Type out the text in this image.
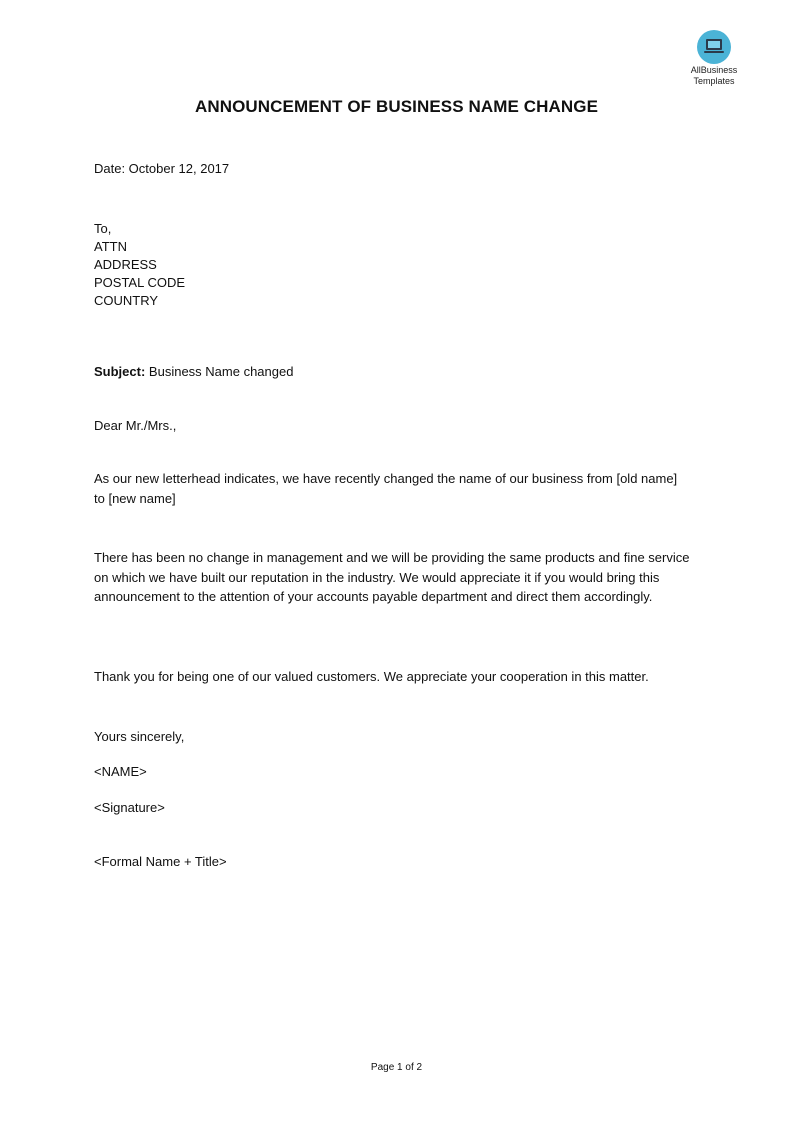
AllBusiness
Templates
ANNOUNCEMENT OF BUSINESS NAME CHANGE
Date: October 12, 2017
To,
ATTN
ADDRESS
POSTAL CODE
COUNTRY
Subject: Business Name changed
Dear Mr./Mrs.,
As our new letterhead indicates, we have recently changed the name of our business from [old name] to [new name]
There has been no change in management and we will be providing the same products and fine service on which we have built our reputation in the industry. We would appreciate it if you would bring this announcement to the attention of your accounts payable department and direct them accordingly.
Thank you for being one of our valued customers. We appreciate your cooperation in this matter.
Yours sincerely,
<NAME>
<Signature>
<Formal Name + Title>
Page 1 of 2
